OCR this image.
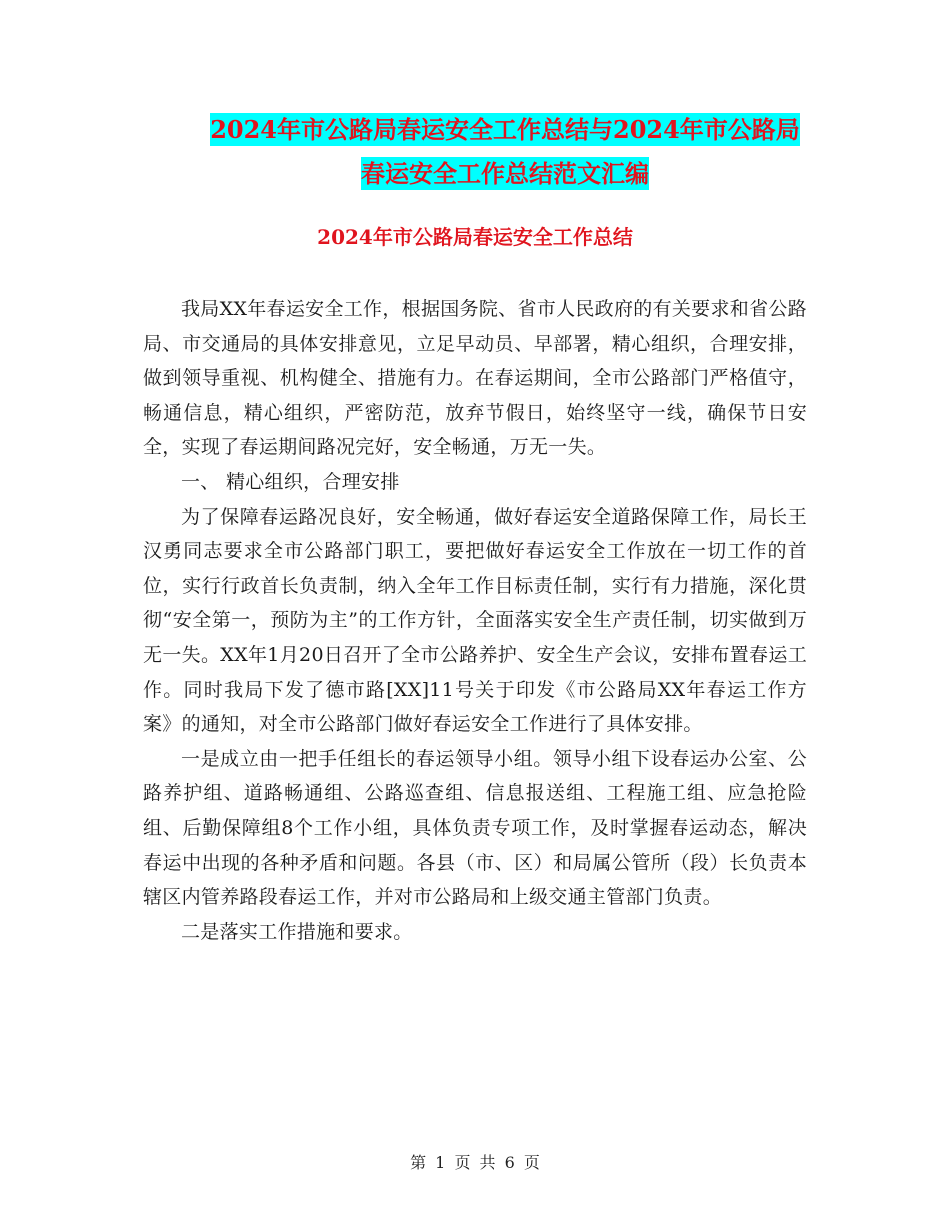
2024年市公路局春运安全工作总结与2024年市公路局
春运安全工作总结范文汇编
2024年市公路局春运安全工作总结

我局XX年春运安全工作，根据国务院、省市人民政府的有关要求和省公路局、市交通局的具体安排意见，立足早动员、早部署，精心组织，合理安排，做到领导重视、机构健全、措施有力。在春运期间，全市公路部门严格值守，畅通信息，精心组织，严密防范，放弃节假日，始终坚守一线，确保节日安全，实现了春运期间路况完好，安全畅通，万无一失。

一、 精心组织，合理安排

为了保障春运路况良好，安全畅通，做好春运安全道路保障工作，局长王汉勇同志要求全市公路部门职工，要把做好春运安全工作放在一切工作的首位，实行行政首长负责制，纳入全年工作目标责任制，实行有力措施，深化贯彻“安全第一，预防为主”的工作方针，全面落实安全生产责任制，切实做到万无一失。XX年1月20日召开了全市公路养护、安全生产会议，安排布置春运工作。同时我局下发了德市路[XX]11号关于印发《市公路局XX年春运工作方案》的通知，对全市公路部门做好春运安全工作进行了具体安排。

一是成立由一把手任组长的春运领导小组。领导小组下设春运办公室、公路养护组、道路畅通组、公路巡查组、信息报送组、工程施工组、应急抢险组、后勤保障组8个工作小组，具体负责专项工作，及时掌握春运动态，解决春运中出现的各种矛盾和问题。各县（市、区）和局属公管所（段）长负责本辖区内管养路段春运工作，并对市公路局和上级交通主管部门负责。

二是落实工作措施和要求。

第 1 页 共 6 页
